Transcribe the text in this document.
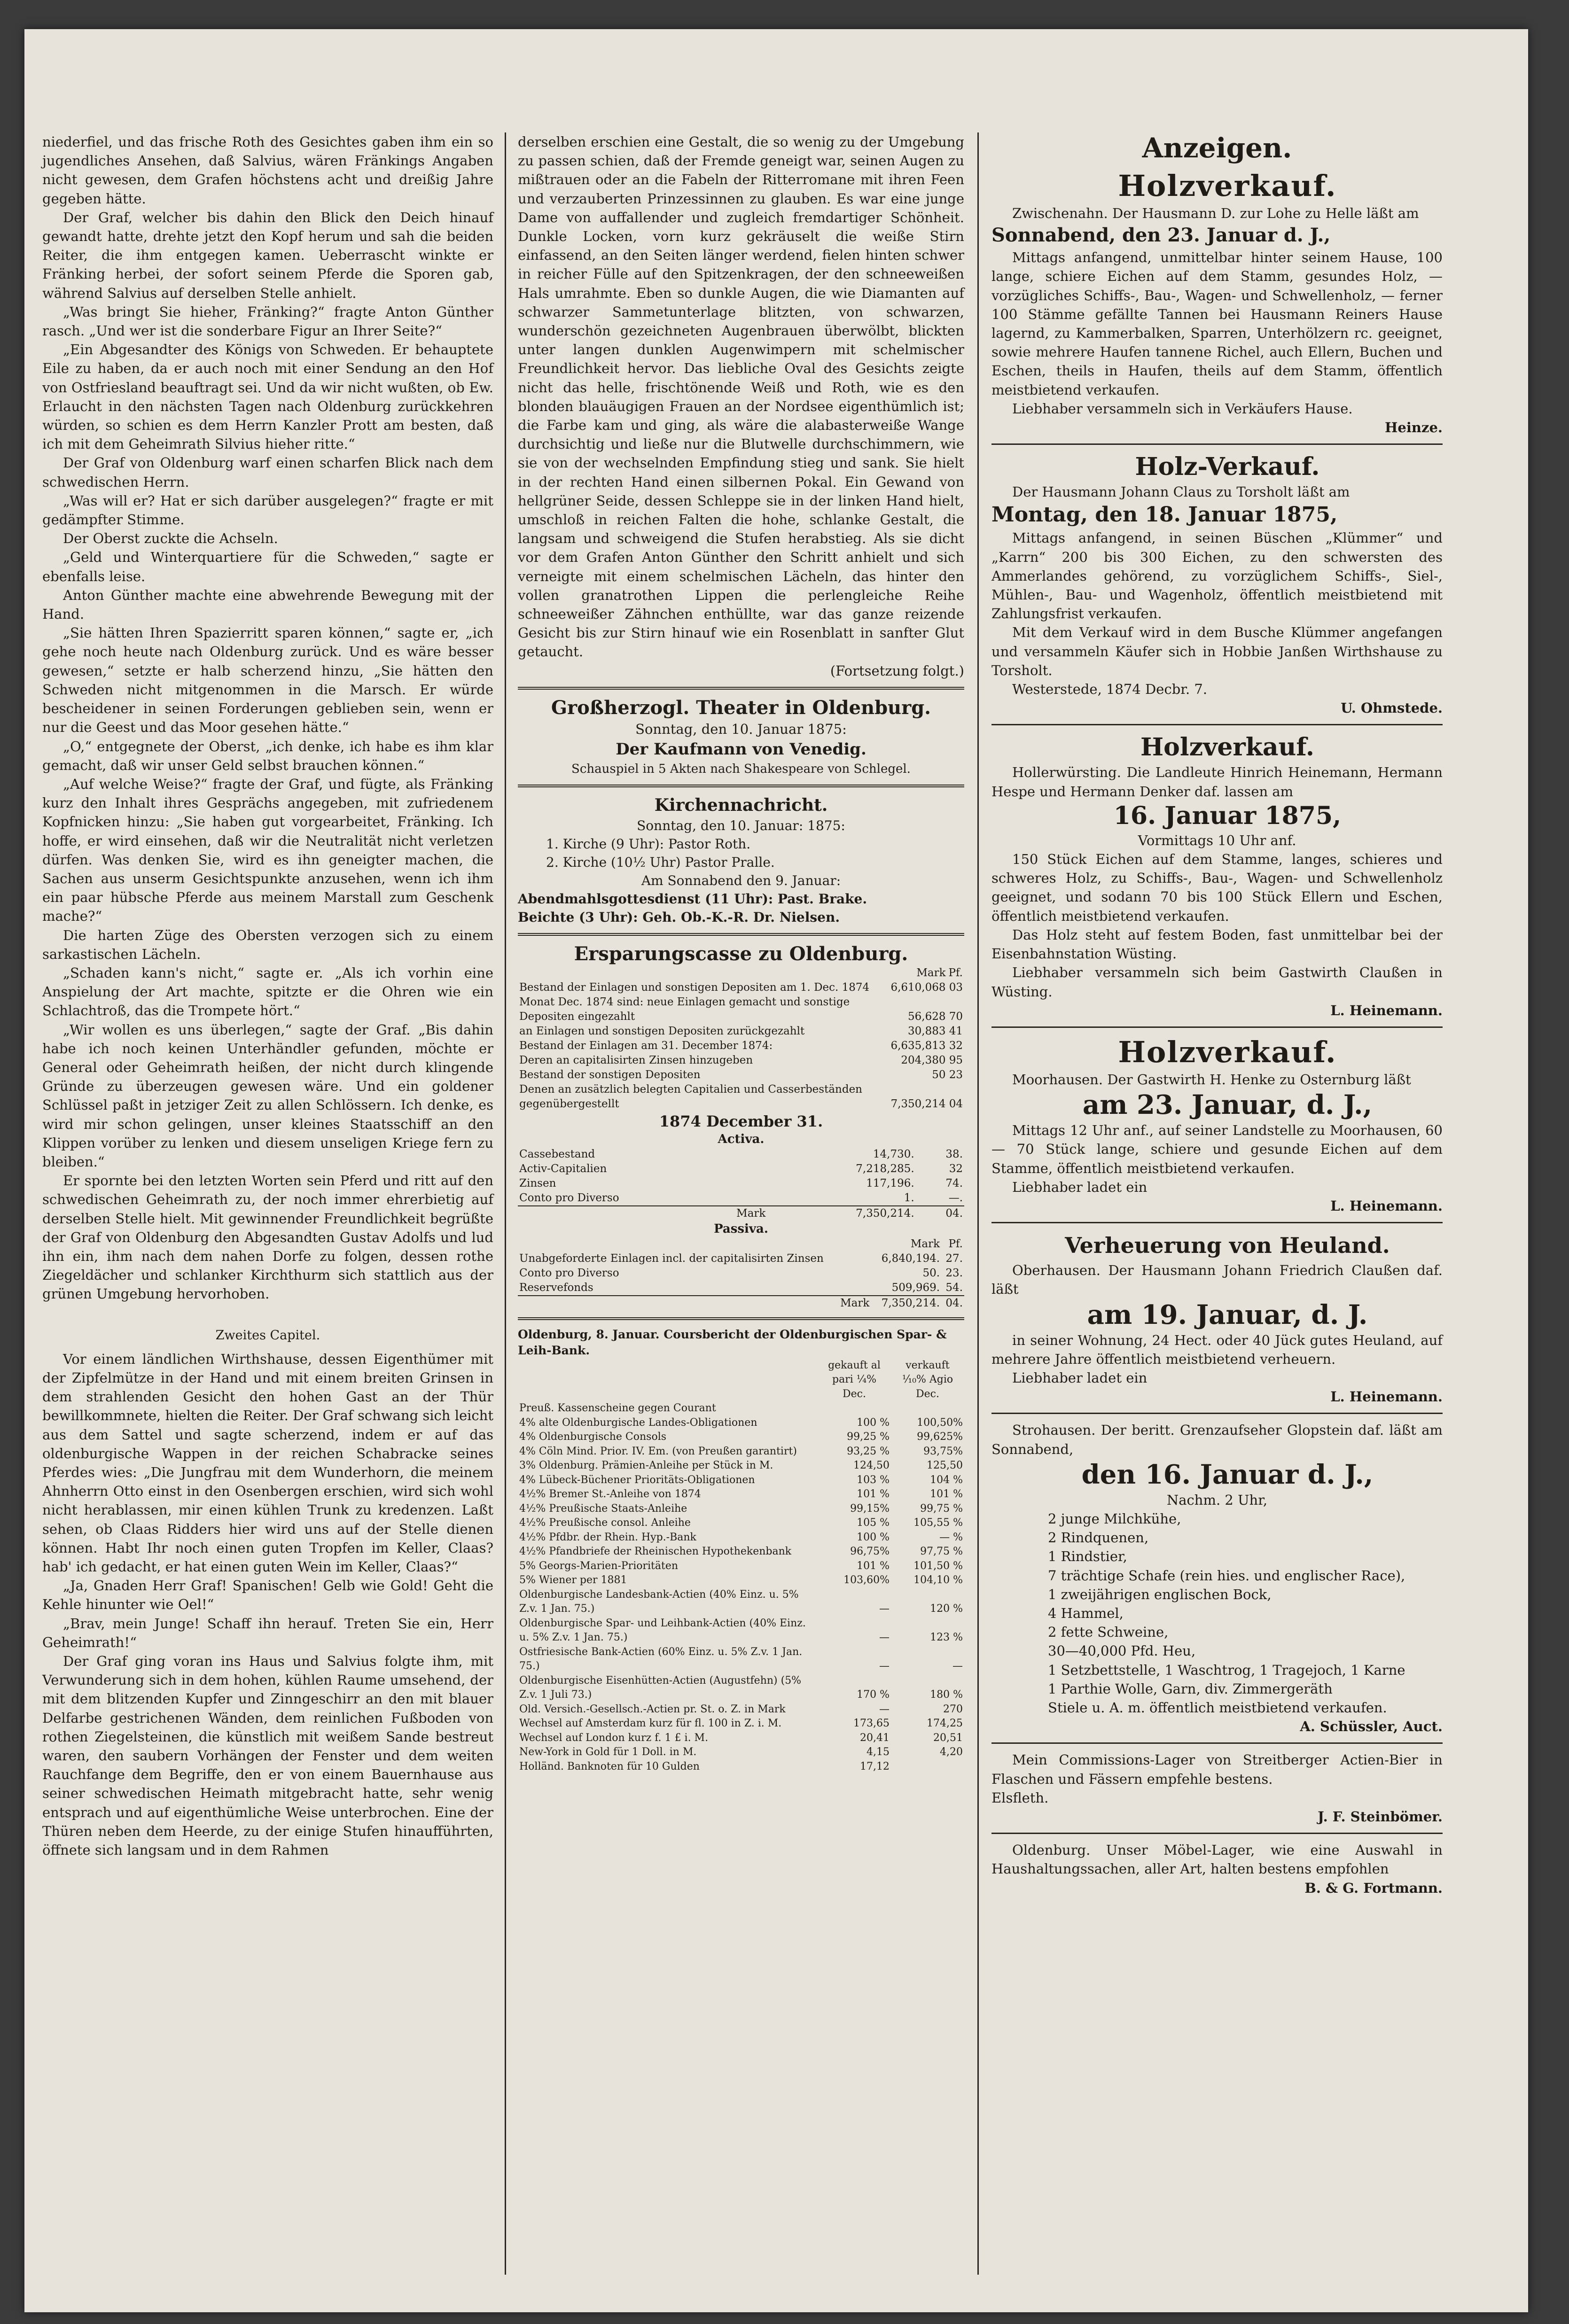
niederfiel, und das frische Roth des Gesichtes gaben ihm ein so jugendliches Ansehen, daß Salvius, wären Fränkings Angaben nicht gewesen, dem Grafen höchstens acht und dreißig Jahre gegeben hätte.

Der Graf, welcher bis dahin den Blick den Deich hinauf gewandt hatte, drehte jetzt den Kopf herum und sah die beiden Reiter, die ihm entgegen kamen. Ueberrascht winkte er Fränking herbei, der sofort seinem Pferde die Sporen gab, während Salvius auf derselben Stelle anhielt.

„Was bringt Sie hieher, Fränking?“ fragte Anton Günther rasch. „Und wer ist die sonderbare Figur an Ihrer Seite?“

„Ein Abgesandter des Königs von Schweden. Er behauptete Eile zu haben, da er auch noch mit einer Sendung an den Hof von Ostfriesland beauftragt sei. Und da wir nicht wußten, ob Ew. Erlaucht in den nächsten Tagen nach Oldenburg zurückkehren würden, so schien es dem Herrn Kanzler Prott am besten, daß ich mit dem Geheimrath Silvius hieher ritte.“

Der Graf von Oldenburg warf einen scharfen Blick nach dem schwedischen Herrn.

„Was will er? Hat er sich darüber ausgelegen?“ fragte er mit gedämpfter Stimme.

Der Oberst zuckte die Achseln.

„Geld und Winterquartiere für die Schweden,“ sagte er ebenfalls leise.

Anton Günther machte eine abwehrende Bewegung mit der Hand.

„Sie hätten Ihren Spazierritt sparen können,“ sagte er, „ich gehe noch heute nach Oldenburg zurück. Und es wäre besser gewesen,“ setzte er halb scherzend hinzu, „Sie hätten den Schweden nicht mitgenommen in die Marsch. Er würde bescheidener in seinen Forderungen geblieben sein, wenn er nur die Geest und das Moor gesehen hätte.“

„O,“ entgegnete der Oberst, „ich denke, ich habe es ihm klar gemacht, daß wir unser Geld selbst brauchen können.“

„Auf welche Weise?“ fragte der Graf, und fügte, als Fränking kurz den Inhalt ihres Gesprächs angegeben, mit zufriedenem Kopfnicken hinzu: „Sie haben gut vorgearbeitet, Fränking. Ich hoffe, er wird einsehen, daß wir die Neutralität nicht verletzen dürfen. Was denken Sie, wird es ihn geneigter machen, die Sachen aus unserm Gesichtspunkte anzusehen, wenn ich ihm ein paar hübsche Pferde aus meinem Marstall zum Geschenk mache?“

Die harten Züge des Obersten verzogen sich zu einem sarkastischen Lächeln.

„Schaden kann's nicht,“ sagte er. „Als ich vorhin eine Anspielung der Art machte, spitzte er die Ohren wie ein Schlachtroß, das die Trompete hört.“

„Wir wollen es uns überlegen,“ sagte der Graf. „Bis dahin habe ich noch keinen Unterhändler gefunden, möchte er General oder Geheimrath heißen, der nicht durch klingende Gründe zu überzeugen gewesen wäre. Und ein goldener Schlüssel paßt in jetziger Zeit zu allen Schlössern. Ich denke, es wird mir schon gelingen, unser kleines Staatsschiff an den Klippen vorüber zu lenken und diesem unseligen Kriege fern zu bleiben.“

Er spornte bei den letzten Worten sein Pferd und ritt auf den schwedischen Geheimrath zu, der noch immer ehrerbietig auf derselben Stelle hielt. Mit gewinnender Freundlichkeit begrüßte der Graf von Oldenburg den Abgesandten Gustav Adolfs und lud ihn ein, ihm nach dem nahen Dorfe zu folgen, dessen rothe Ziegeldächer und schlanker Kirchthurm sich stattlich aus der grünen Umgebung hervorhoben.

Zweites Capitel.

Vor einem ländlichen Wirthshause, dessen Eigenthümer mit der Zipfelmütze in der Hand und mit einem breiten Grinsen in dem strahlenden Gesicht den hohen Gast an der Thür bewillkommnete, hielten die Reiter. Der Graf schwang sich leicht aus dem Sattel und sagte scherzend, indem er auf das oldenburgische Wappen in der reichen Schabracke seines Pferdes wies: „Die Jungfrau mit dem Wunderhorn, die meinem Ahnherrn Otto einst in den Osenbergen erschien, wird sich wohl nicht herablassen, mir einen kühlen Trunk zu kredenzen. Laßt sehen, ob Claas Ridders hier wird uns auf der Stelle dienen können. Habt Ihr noch einen guten Tropfen im Keller, Claas? hab' ich gedacht, er hat einen guten Wein im Keller, Claas?“

„Ja, Gnaden Herr Graf! Spanischen! Gelb wie Gold! Geht die Kehle hinunter wie Oel!“

„Brav, mein Junge! Schaff ihn herauf. Treten Sie ein, Herr Geheimrath!“

Der Graf ging voran ins Haus und Salvius folgte ihm, mit Verwunderung sich in dem hohen, kühlen Raume umsehend, der mit dem blitzenden Kupfer und Zinngeschirr an den mit blauer Delfarbe gestrichenen Wänden, dem reinlichen Fußboden von rothen Ziegelsteinen, die künstlich mit weißem Sande bestreut waren, den saubern Vorhängen der Fenster und dem weiten Rauchfange dem Begriffe, den er von einem Bauernhause aus seiner schwedischen Heimath mitgebracht hatte, sehr wenig entsprach und auf eigenthümliche Weise unterbrochen. Eine der Thüren neben dem Heerde, zu der einige Stufen hinaufführten, öffnete sich langsam und in dem Rahmen

derselben erschien eine Gestalt, die so wenig zu der Umgebung zu passen schien, daß der Fremde geneigt war, seinen Augen zu mißtrauen oder an die Fabeln der Ritterromane mit ihren Feen und verzauberten Prinzessinnen zu glauben. Es war eine junge Dame von auffallender und zugleich fremdartiger Schönheit. Dunkle Locken, vorn kurz gekräuselt die weiße Stirn einfassend, an den Seiten länger werdend, fielen hinten schwer in reicher Fülle auf den Spitzenkragen, der den schneeweißen Hals umrahmte. Eben so dunkle Augen, die wie Diamanten auf schwarzer Sammetunterlage blitzten, von schwarzen, wunderschön gezeichneten Augenbrauen überwölbt, blickten unter langen dunklen Augenwimpern mit schelmischer Freundlichkeit hervor. Das liebliche Oval des Gesichts zeigte nicht das helle, frischtönende Weiß und Roth, wie es den blonden blauäugigen Frauen an der Nordsee eigenthümlich ist; die Farbe kam und ging, als wäre die alabasterweiße Wange durchsichtig und ließe nur die Blutwelle durchschimmern, wie sie von der wechselnden Empfindung stieg und sank. Sie hielt in der rechten Hand einen silbernen Pokal. Ein Gewand von hellgrüner Seide, dessen Schleppe sie in der linken Hand hielt, umschloß in reichen Falten die hohe, schlanke Gestalt, die langsam und schweigend die Stufen herabstieg. Als sie dicht vor dem Grafen Anton Günther den Schritt anhielt und sich verneigte mit einem schelmischen Lächeln, das hinter den vollen granatrothen Lippen die perlengleiche Reihe schneeweißer Zähnchen enthüllte, war das ganze reizende Gesicht bis zur Stirn hinauf wie ein Rosenblatt in sanfter Glut getaucht.

(Fortsetzung folgt.)

Großherzogl. Theater in Oldenburg.

Sonntag, den 10. Januar 1875:

Der Kaufmann von Venedig.

Schauspiel in 5 Akten nach Shakespeare von Schlegel.

Kirchennachricht.

Sonntag, den 10. Januar: 1875:

1. Kirche (9 Uhr): Pastor Roth.

2. Kirche (10½ Uhr) Pastor Pralle.

Am Sonnabend den 9. Januar:

Abendmahlsgottesdienst (11 Uhr): Past. Brake.

Beichte (3 Uhr): Geh. Ob.-K.-R. Dr. Nielsen.

Ersparungscasse zu Oldenburg.

	Mark	Pf.
Bestand der Einlagen und sonstigen Depositen am 1. Dec. 1874	6,610,068	03
Monat Dec. 1874 sind: neue Einlagen gemacht und sonstige Depositen eingezahlt	56,628	70
an Einlagen und sonstigen Depositen zurückgezahlt	30,883	41
Bestand der Einlagen am 31. December 1874:	6,635,813	32
Deren an capitalisirten Zinsen hinzugeben	204,380	95
Bestand der sonstigen Depositen	50	23
Denen an zusätzlich belegten Capitalien und Casserbeständen gegenübergestellt	7,350,214	04

1874 December 31.

Activa.

Cassebestand	14,730.	38.
Activ-Capitalien	7,218,285.	32
Zinsen	117,196.	74.
Conto pro Diverso	1.	—.
Mark	7,350,214.	04.

Passiva.

	Mark	Pf.
Unabgeforderte Einlagen incl. der capitalisirten Zinsen	6,840,194.	27.
Conto pro Diverso	50.	23.
Reservefonds	509,969.	54.
Mark	7,350,214.	04.

Oldenburg, 8. Januar. Coursbericht der Oldenburgischen Spar- & Leih-Bank.

	gekauft al pari ¼% Dec.	verkauft ⅒% Agio Dec.
Preuß. Kassenscheine gegen Courant		
4% alte Oldenburgische Landes-Obligationen	100 %	100,50%
4% Oldenburgische Consols	99,25 %	99,625%
4% Cöln Mind. Prior. IV. Em. (von Preußen garantirt)	93,25 %	93,75%
3% Oldenburg. Prämien-Anleihe per Stück in M.	124,50	125,50
4% Lübeck-Büchener Prioritäts-Obligationen	103 %	104 %
4½% Bremer St.-Anleihe von 1874	101 %	101 %
4½% Preußische Staats-Anleihe	99,15%	99,75 %
4½% Preußische consol. Anleihe	105 %	105,55 %
4½% Pfdbr. der Rhein. Hyp.-Bank	100 %	— %
4½% Pfandbriefe der Rheinischen Hypothekenbank	96,75%	97,75 %
5% Georgs-Marien-Prioritäten	101 %	101,50 %
5% Wiener per 1881	103,60%	104,10 %
Oldenburgische Landesbank-Actien (40% Einz. u. 5% Z.v. 1 Jan. 75.)	—	120 %
Oldenburgische Spar- und Leihbank-Actien (40% Einz. u. 5% Z.v. 1 Jan. 75.)	—	123 %
Ostfriesische Bank-Actien (60% Einz. u. 5% Z.v. 1 Jan. 75.)	—	—
Oldenburgische Eisenhütten-Actien (Augustfehn) (5% Z.v. 1 Juli 73.)	170 %	180 %
Old. Versich.-Gesellsch.-Actien pr. St. o. Z. in Mark	—	270
Wechsel auf Amsterdam kurz für fl. 100 in Z. i. M.	173,65	174,25
Wechsel auf London kurz f. 1 £ i. M.	20,41	20,51
New-York in Gold für 1 Doll. in M.	4,15	4,20
Holländ. Banknoten für 10 Gulden	17,12	

Anzeigen.

Holzverkauf.

Zwischenahn. Der Hausmann D. zur Lohe zu Helle läßt am

Sonnabend, den 23. Januar d. J.,

Mittags anfangend, unmittelbar hinter seinem Hause, 100 lange, schiere Eichen auf dem Stamm, gesundes Holz, — vorzügliches Schiffs-, Bau-, Wagen- und Schwellenholz, — ferner 100 Stämme gefällte Tannen bei Hausmann Reiners Hause lagernd, zu Kammerbalken, Sparren, Unterhölzern rc. geeignet, sowie mehrere Haufen tannene Richel, auch Ellern, Buchen und Eschen, theils in Haufen, theils auf dem Stamm, öffentlich meistbietend verkaufen.

Liebhaber versammeln sich in Verkäufers Hause.

Heinze.

Holz-Verkauf.

Der Hausmann Johann Claus zu Torsholt läßt am

Montag, den 18. Januar 1875,

Mittags anfangend, in seinen Büschen „Klümmer“ und „Karrn“ 200 bis 300 Eichen, zu den schwersten des Ammerlandes gehörend, zu vorzüglichem Schiffs-, Siel-, Mühlen-, Bau- und Wagenholz, öffentlich meistbietend mit Zahlungsfrist verkaufen.

Mit dem Verkauf wird in dem Busche Klümmer angefangen und versammeln Käufer sich in Hobbie Janßen Wirthshause zu Torsholt.

Westerstede, 1874 Decbr. 7.

U. Ohmstede.

Holzverkauf.

Hollerwürsting. Die Landleute Hinrich Heinemann, Hermann Hespe und Hermann Denker daf. lassen am

16. Januar 1875,

Vormittags 10 Uhr anf.

150 Stück Eichen auf dem Stamme, langes, schieres und schweres Holz, zu Schiffs-, Bau-, Wagen- und Schwellenholz geeignet, und sodann 70 bis 100 Stück Ellern und Eschen, öffentlich meistbietend verkaufen.

Das Holz steht auf festem Boden, fast unmittelbar bei der Eisenbahnstation Wüsting.

Liebhaber versammeln sich beim Gastwirth Claußen in Wüsting.

L. Heinemann.

Holzverkauf.

Moorhausen. Der Gastwirth H. Henke zu Osternburg läßt

am 23. Januar, d. J.,

Mittags 12 Uhr anf., auf seiner Landstelle zu Moorhausen, 60 — 70 Stück lange, schiere und gesunde Eichen auf dem Stamme, öffentlich meistbietend verkaufen.

Liebhaber ladet ein

L. Heinemann.

Verheuerung von Heuland.

Oberhausen. Der Hausmann Johann Friedrich Claußen daf. läßt

am 19. Januar, d. J.

in seiner Wohnung, 24 Hect. oder 40 Jück gutes Heuland, auf mehrere Jahre öffentlich meistbietend verheuern.

Liebhaber ladet ein

L. Heinemann.

Strohausen. Der beritt. Grenzaufseher Glopstein daf. läßt am Sonnabend,

den 16. Januar d. J.,

Nachm. 2 Uhr,

2 junge Milchkühe,

2 Rindquenen,

1 Rindstier,

7 trächtige Schafe (rein hies. und englischer Race),

1 zweijährigen englischen Bock,

4 Hammel,

2 fette Schweine,

30—40,000 Pfd. Heu,

1 Setzbettstelle, 1 Waschtrog, 1 Tragejoch, 1 Karne

1 Parthie Wolle, Garn, div. Zimmergeräth

Stiele u. A. m. öffentlich meistbietend verkaufen.

A. Schüssler, Auct.

Mein Commissions-Lager von Streitberger Actien-Bier in Flaschen und Fässern empfehle bestens.

Elsfleth.

J. F. Steinbömer.

Oldenburg. Unser Möbel-Lager, wie eine Auswahl in Haushaltungssachen, aller Art, halten bestens empfohlen

B. & G. Fortmann.
